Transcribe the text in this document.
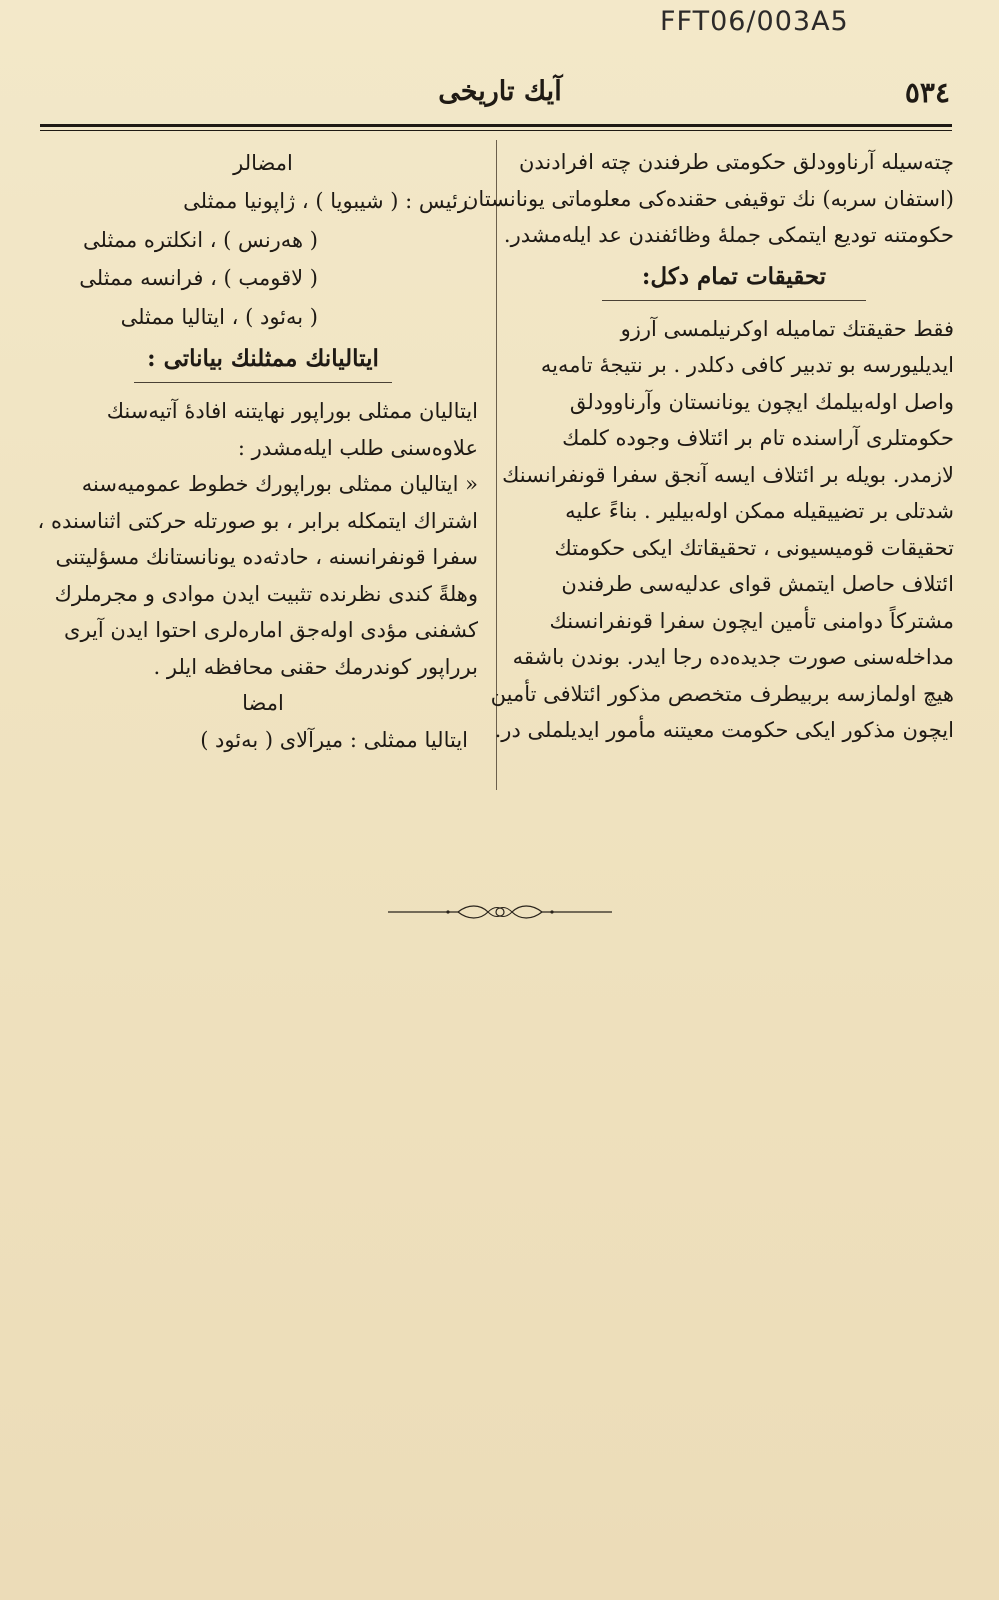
FFT06/003A5
آیك تاریخی	٥٣٤

چته‌سیله آرناوودلق حکومتی طرفندن چته افرادندن
(استفان سربه) نك توقیفی حقنده‌کی معلوماتی یونانستان
حکومتنه تودیع ایتمکی جمله‌ٔ وظائفندن عد ایله‌مشدر.

تحقیقات تمام دکل:

فقط حقیقتك تماميله اوكرنيلمسی آرزو
ایدیلیورسه بو تدبیر کافی دکلدر . بر نتیجه‌ٔ تامه‌یه
واصل اوله‌بیلمك ایچون یونانستان وآرناوودلق
حکومتلری آراسنده تام بر ائتلاف وجوده کلمك
لازمدر. بویله بر ائتلاف ایسه آنجق سفرا قونفرانسنك
شدتلی بر تضییقیله ممکن اوله‌بیلیر . بناءً علیه
تحقیقات قومیسیونی ، تحقیقاتك ایکی حکومتك
ائتلاف حاصل ایتمش قوای عدلیه‌سی طرفندن
مشترکاً دوامنی تأمین ایچون سفرا قونفرانسنك
مداخله‌سنی صورت جدیده‌ده رجا ایدر. بوندن باشقه
هیچ اولمازسه بربیطرف متخصص مذکور ائتلافی تأمین
ایچون مذکور ایکی حکومت معیتنه مأمور ایدیلملی در.

امضالر

رئیس : ( شیبویا ) ، ژاپونیا ممثلی
( هه‌رنس ) ، انکلتره ممثلی
( لاقومب ) ، فرانسه ممثلی
( به‌ئود ) ، ایتالیا ممثلی
ایتالیانك ممثلنك بیاناتی :

ایتالیان ممثلی بوراپور نهایتنه افاده‌ٔ آتیه‌سنك
علاوه‌سنی طلب ایله‌مشدر :
« ایتالیان ممثلی بوراپورك خطوط عمومیه‌سنه
اشتراك ایتمکله برابر ، بو صورتله حرکتی اثناسنده ،
سفرا قونفرانسنه ، حادثه‌ده یونانستانك مسؤلیتنی
وهلةً کندی نظرنده تثبیت ایدن موادی و مجرملرك
کشفنی مؤدی اوله‌جق اماره‌لری احتوا ایدن آیری
برراپور کوندرمك حقنی محافظه ایلر .

امضا

ایتالیا ممثلی : میرآلای ( به‌ئود )
